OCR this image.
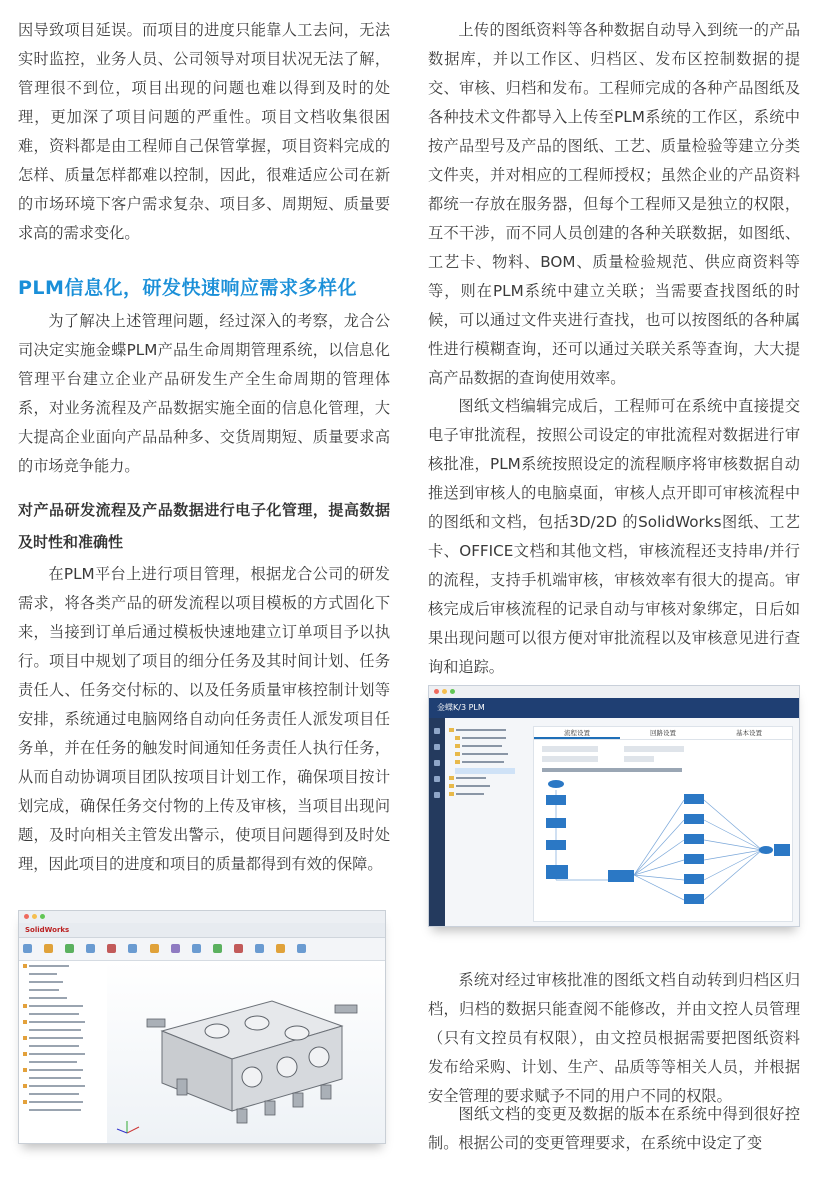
因导致项目延误。而项目的进度只能靠人工去问，无法实时监控，业务人员、公司领导对项目状况无法了解，管理很不到位，项目出现的问题也难以得到及时的处理，更加深了项目问题的严重性。项目文档收集很困难，资料都是由工程师自己保管掌握，项目资料完成的怎样、质量怎样都难以控制，因此，很难适应公司在新的市场环境下客户需求复杂、项目多、周期短、质量要求高的需求变化。

PLM信息化，研发快速响应需求多样化

为了解决上述管理问题，经过深入的考察，龙合公司决定实施金蝶PLM产品生命周期管理系统，以信息化管理平台建立企业产品研发生产全生命周期的管理体系，对业务流程及产品数据实施全面的信息化管理，大大提高企业面向产品品种多、交货周期短、质量要求高的市场竞争能力。

对产品研发流程及产品数据进行电子化管理，提高数据及时性和准确性

在PLM平台上进行项目管理，根据龙合公司的研发需求，将各类产品的研发流程以项目模板的方式固化下来，当接到订单后通过模板快速地建立订单项目予以执行。项目中规划了项目的细分任务及其时间计划、任务责任人、任务交付标的、以及任务质量审核控制计划等安排，系统通过电脑网络自动向任务责任人派发项目任务单，并在任务的触发时间通知任务责任人执行任务，从而自动协调项目团队按项目计划工作，确保项目按计划完成，确保任务交付物的上传及审核，当项目出现问题，及时向相关主管发出警示，使项目问题得到及时处理，因此项目的进度和项目的质量都得到有效的保障。

上传的图纸资料等各种数据自动导入到统一的产品数据库，并以工作区、归档区、发布区控制数据的提交、审核、归档和发布。工程师完成的各种产品图纸及各种技术文件都导入上传至PLM系统的工作区，系统中按产品型号及产品的图纸、工艺、质量检验等建立分类文件夹，并对相应的工程师授权；虽然企业的产品资料都统一存放在服务器，但每个工程师又是独立的权限，互不干涉，而不同人员创建的各种关联数据，如图纸、工艺卡、物料、BOM、质量检验规范、供应商资料等等，则在PLM系统中建立关联；当需要查找图纸的时候，可以通过文件夹进行查找，也可以按图纸的各种属性进行模糊查询，还可以通过关联关系等查询，大大提高产品数据的查询使用效率。

图纸文档编辑完成后，工程师可在系统中直接提交电子审批流程，按照公司设定的审批流程对数据进行审核批准，PLM系统按照设定的流程顺序将审核数据自动推送到审核人的电脑桌面，审核人点开即可审核流程中的图纸和文档，包括3D/2D 的SolidWorks图纸、工艺卡、OFFICE文档和其他文档，审核流程还支持串/并行的流程，支持手机端审核，审核效率有很大的提高。审核完成后审核流程的记录自动与审核对象绑定，日后如果出现问题可以很方便对审批流程以及审核意见进行查询和追踪。

金蝶K/3 PLM
流程设置	回路设置	基本设置

系统对经过审核批准的图纸文档自动转到归档区归档，归档的数据只能查阅不能修改，并由文控人员管理（只有文控员有权限），由文控员根据需要把图纸资料发布给采购、计划、生产、品质等等相关人员，并根据安全管理的要求赋予不同的用户不同的权限。

图纸文档的变更及数据的版本在系统中得到很好控制。根据公司的变更管理要求，在系统中设定了变

SolidWorks
